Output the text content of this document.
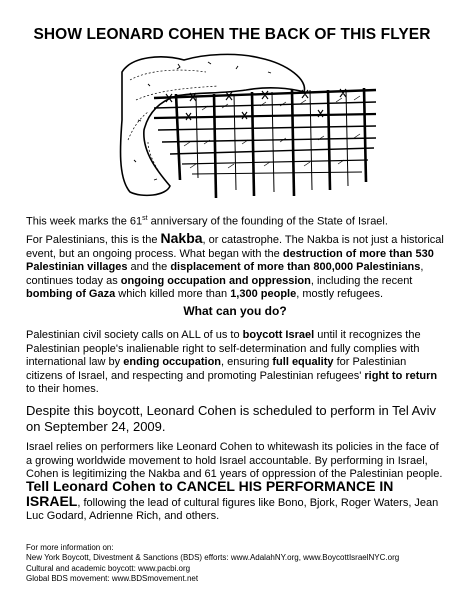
SHOW LEONARD COHEN THE BACK OF THIS FLYER

This week marks the 61st anniversary of the founding of the State of Israel.

For Palestinians, this is the Nakba, or catastrophe. The Nakba is not just a historical event, but an ongoing process. What began with the destruction of more than 530 Palestinian villages and the displacement of more than 800,000 Palestinians, continues today as ongoing occupation and oppression, including the recent bombing of Gaza which killed more than 1,300 people, mostly refugees.

What can you do?

Palestinian civil society calls on ALL of us to boycott Israel until it recognizes the Palestinian people's inalienable right to self-determination and fully complies with international law by ending occupation, ensuring full equality for Palestinian citizens of Israel, and respecting and promoting Palestinian refugees' right to return to their homes.

Despite this boycott, Leonard Cohen is scheduled to perform in Tel Aviv on September 24, 2009.

Israel relies on performers like Leonard Cohen to whitewash its policies in the face of a growing worldwide movement to hold Israel accountable. By performing in Israel, Cohen is legitimizing the Nakba and 61 years of oppression of the Palestinian people.

Tell Leonard Cohen to CANCEL HIS PERFORMANCE IN ISRAEL, following the lead of cultural figures like Bono, Bjork, Roger Waters, Jean Luc Godard, Adrienne Rich, and others.

For more information on:
New York Boycott, Divestment & Sanctions (BDS) efforts: www.AdalahNY.org, www.BoycottIsraelNYC.org
Cultural and academic boycott: www.pacbi.org
Global BDS movement: www.BDSmovement.net
